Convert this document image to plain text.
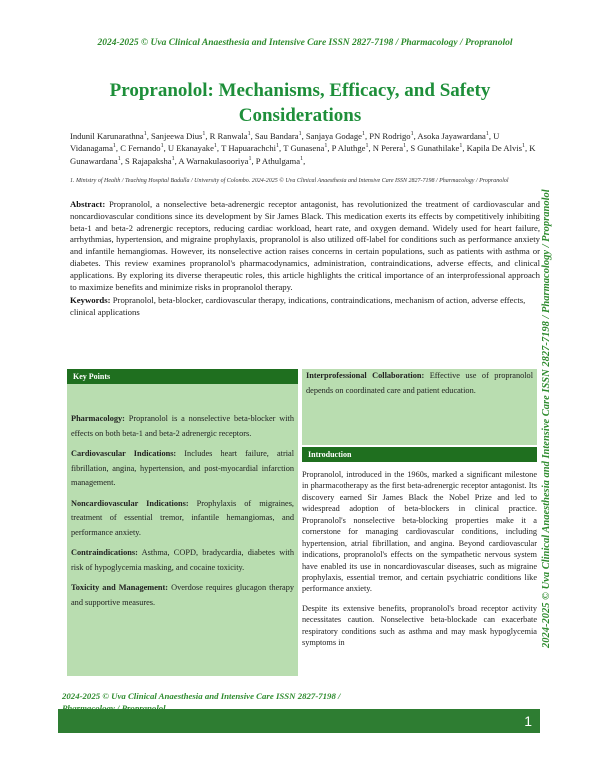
2024-2025 © Uva Clinical Anaesthesia and Intensive Care ISSN 2827-7198 / Pharmacology / Propranolol
Propranolol: Mechanisms, Efficacy, and Safety Considerations
Indunil Karunarathna$^1$, Sanjeewa Dius$^1$, R Ranwala$^1$, Sau Bandara$^1$, Sanjaya Godage$^1$, PN Rodrigo$^1$, Asoka Jayawardana$^1$, U Vidanagama$^1$, C Fernando$^1$, U Ekanayake$^1$, T Hapuarachchi$^1$, T Gunasena$^1$, P Aluthge$^1$, N Perera$^1$, S Gunathilake$^1$, Kapila De Alvis$^1$, K Gunawardana$^1$, S Rajapaksha$^1$, A Warnakulasooriya$^1$, P Athulgama$^1$,
1. Ministry of Health / Teaching Hospital Badulla / University of Colombo. 2024-2025 © Uva Clinical Anaesthesia and Intensive Care ISSN 2827-7198 / Pharmacology / Propranolol
Abstract: Propranolol, a nonselective beta-adrenergic receptor antagonist, has revolutionized the treatment of cardiovascular and noncardiovascular conditions since its development by Sir James Black. This medication exerts its effects by competitively inhibiting beta-1 and beta-2 adrenergic receptors, reducing cardiac workload, heart rate, and oxygen demand. Widely used for heart failure, arrhythmias, hypertension, and migraine prophylaxis, propranolol is also utilized off-label for conditions such as performance anxiety and infantile hemangiomas. However, its nonselective action raises concerns in certain populations, such as patients with asthma or diabetes. This review examines propranolol's pharmacodynamics, administration, contraindications, adverse effects, and clinical applications. By exploring its diverse therapeutic roles, this article highlights the critical importance of an interprofessional approach to maximize benefits and minimize risks in propranolol therapy.
Keywords: Propranolol, beta-blocker, cardiovascular therapy, indications, contraindications, mechanism of action, adverse effects, clinical applications
Key Points

Pharmacology: Propranolol is a nonselective beta-blocker with effects on both beta-1 and beta-2 adrenergic receptors.

Cardiovascular Indications: Includes heart failure, atrial fibrillation, angina, hypertension, and post-myocardial infarction management.

Noncardiovascular Indications: Prophylaxis of migraines, treatment of essential tremor, infantile hemangiomas, and performance anxiety.

Contraindications: Asthma, COPD, bradycardia, diabetes with risk of hypoglycemia masking, and cocaine toxicity.

Toxicity and Management: Overdose requires glucagon therapy and supportive measures.

Interprofessional Collaboration: Effective use of propranolol depends on coordinated care and patient education.
Introduction

Propranolol, introduced in the 1960s, marked a significant milestone in pharmacotherapy as the first beta-adrenergic receptor antagonist. Its discovery earned Sir James Black the Nobel Prize and led to widespread adoption of beta-blockers in clinical practice. Propranolol's nonselective beta-blocking properties make it a cornerstone for managing cardiovascular conditions, including hypertension, atrial fibrillation, and angina. Beyond cardiovascular indications, propranolol's effects on the sympathetic nervous system have enabled its use in noncardiovascular diseases, such as migraine prophylaxis, essential tremor, and certain psychiatric conditions like performance anxiety.

Despite its extensive benefits, propranolol's broad receptor activity necessitates caution. Nonselective beta-blockade can exacerbate respiratory conditions such as asthma and may mask hypoglycemia symptoms in	2024-2025 © Uva Clinical Anaesthesia and Intensive Care ISSN 2827-7198 / Pharmacology / Propranolol
2024-2025 © Uva Clinical Anaesthesia and Intensive Care ISSN 2827-7198 /
1
